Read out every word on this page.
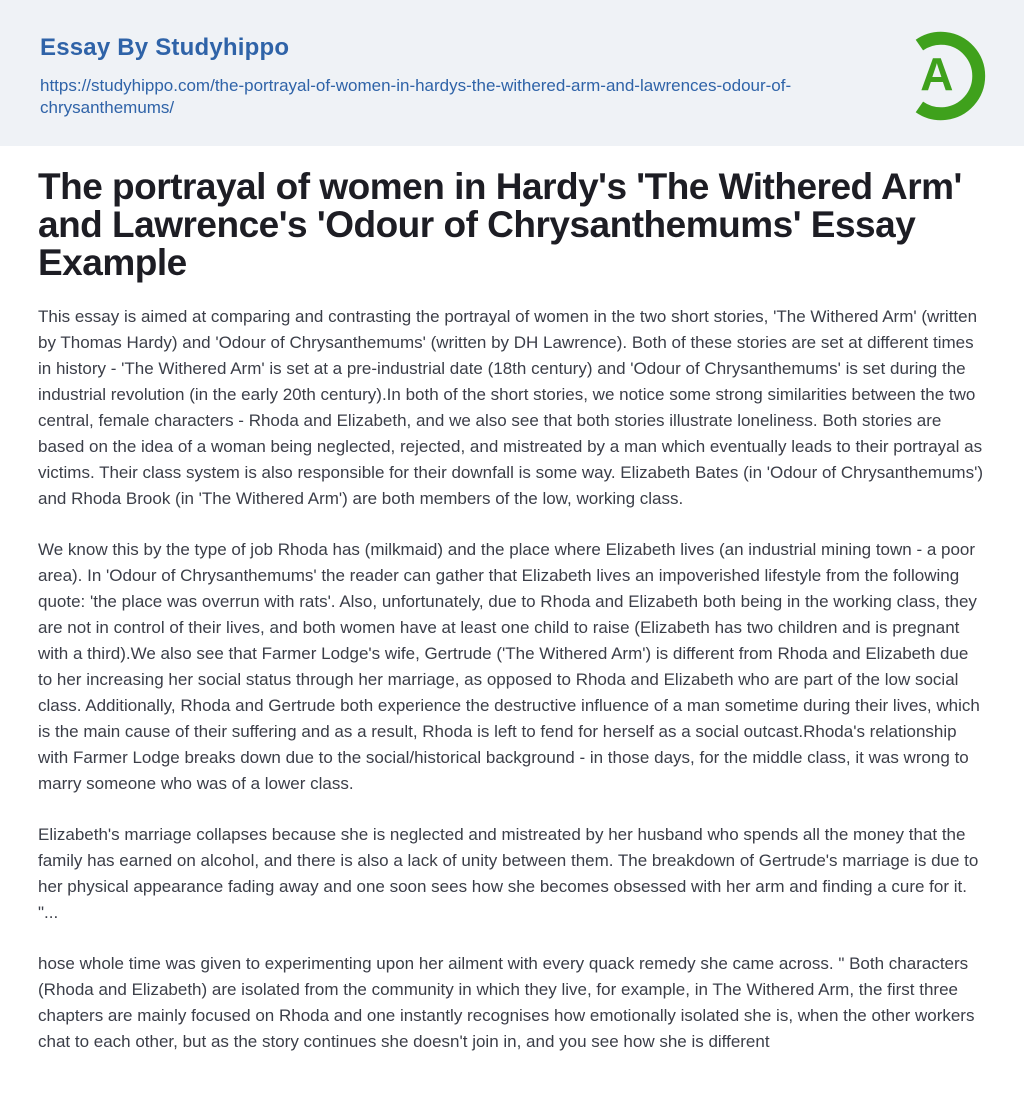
Essay By Studyhippo
https://studyhippo.com/the-portrayal-of-women-in-hardys-the-withered-arm-and-lawrences-odour-of-chrysanthemums/
A
The portrayal of women in Hardy's 'The Withered Arm' and Lawrence's 'Odour of Chrysanthemums' Essay Example

This essay is aimed at comparing and contrasting the portrayal of women in the two short stories, 'The Withered Arm' (written by Thomas Hardy) and 'Odour of Chrysanthemums' (written by DH Lawrence). Both of these stories are set at different times in history - 'The Withered Arm' is set at a pre-industrial date (18th century) and 'Odour of Chrysanthemums' is set during the industrial revolution (in the early 20th century).In both of the short stories, we notice some strong similarities between the two central, female characters - Rhoda and Elizabeth, and we also see that both stories illustrate loneliness. Both stories are based on the idea of a woman being neglected, rejected, and mistreated by a man which eventually leads to their portrayal as victims. Their class system is also responsible for their downfall is some way. Elizabeth Bates (in 'Odour of Chrysanthemums') and Rhoda Brook (in 'The Withered Arm') are both members of the low, working class.

We know this by the type of job Rhoda has (milkmaid) and the place where Elizabeth lives (an industrial mining town - a poor area). In 'Odour of Chrysanthemums' the reader can gather that Elizabeth lives an impoverished lifestyle from the following quote: 'the place was overrun with rats'. Also, unfortunately, due to Rhoda and Elizabeth both being in the working class, they are not in control of their lives, and both women have at least one child to raise (Elizabeth has two children and is pregnant with a third).We also see that Farmer Lodge's wife, Gertrude ('The Withered Arm') is different from Rhoda and Elizabeth due to her increasing her social status through her marriage, as opposed to Rhoda and Elizabeth who are part of the low social class. Additionally, Rhoda and Gertrude both experience the destructive influence of a man sometime during their lives, which is the main cause of their suffering and as a result, Rhoda is left to fend for herself as a social outcast.Rhoda's relationship with Farmer Lodge breaks down due to the social/historical background - in those days, for the middle class, it was wrong to marry someone who was of a lower class.

Elizabeth's marriage collapses because she is neglected and mistreated by her husband who spends all the money that the family has earned on alcohol, and there is also a lack of unity between them. The breakdown of Gertrude's marriage is due to her physical appearance fading away and one soon sees how she becomes obsessed with her arm and finding a cure for it. "...

hose whole time was given to experimenting upon her ailment with every quack remedy she came across. " Both characters (Rhoda and Elizabeth) are isolated from the community in which they live, for example, in The Withered Arm, the first three chapters are mainly focused on Rhoda and one instantly recognises how emotionally isolated she is, when the other workers chat to each other, but as the story continues she doesn't join in, and you see how she is different
